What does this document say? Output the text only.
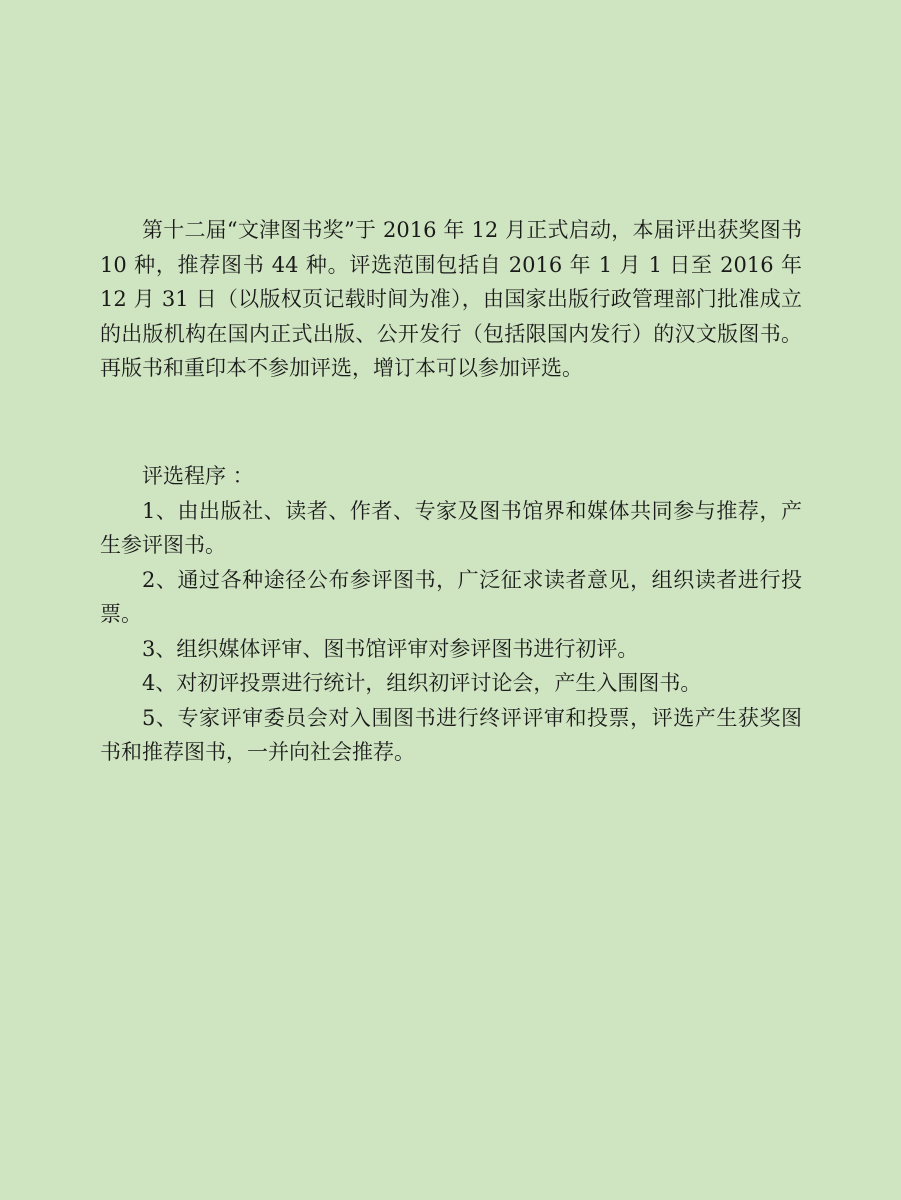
第十二届“文津图书奖”于 2016 年 12 月正式启动，本届评出获奖图书 10 种，推荐图书 44 种。评选范围包括自 2016 年 1 月 1 日至 2016 年 12 月 31 日（以版权页记载时间为准），由国家出版行政管理部门批准成立的出版机构在国内正式出版、公开发行（包括限国内发行）的汉文版图书。再版书和重印本不参加评选，增订本可以参加评选。

评选程序 ：

1、由出版社、读者、作者、专家及图书馆界和媒体共同参与推荐，产生参评图书。

2、通过各种途径公布参评图书，广泛征求读者意见，组织读者进行投票。

3、组织媒体评审、图书馆评审对参评图书进行初评。

4、对初评投票进行统计，组织初评讨论会，产生入围图书。

5、专家评审委员会对入围图书进行终评评审和投票，评选产生获奖图书和推荐图书，一并向社会推荐。
